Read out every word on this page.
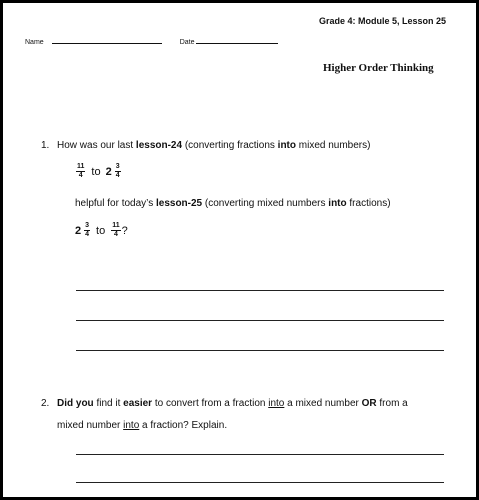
Grade 4: Module 5, Lesson 25
Name	Date
Higher Order Thinking
1. How was our last lesson-24 (converting fractions into mixed numbers)
$\frac{11}{4}$ to $2 \frac{3}{4}$
helpful for today’s lesson-25 (converting mixed numbers into fractions)
$2 \frac{3}{4}$ to $\frac{11}{4}$ ?
2. Did you find it easier to convert from a fraction into a mixed number OR from a
mixed number into a fraction? Explain.
